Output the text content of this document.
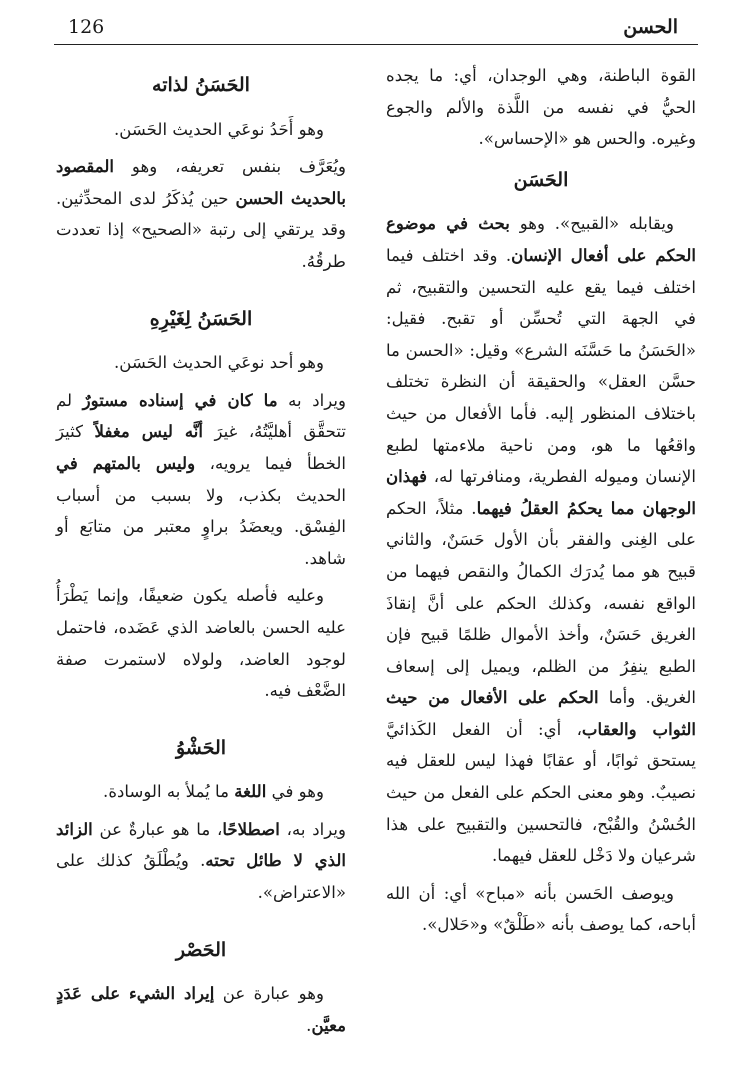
126	الحسن

القوة الباطنة، وهي الوجدان، أي: ما يجده الحيُّ في نفسه من اللَّذة والألم والجوع وغيره. والحس هو «الإحساس».

الحَسَن

ويقابله «القبيح». وهو بحث في موضوع الحكم على أفعال الإنسان. وقد اختلف فيما اختلف فيما يقع عليه التحسين والتقبيح، ثم في الجهة التي تُحسِّن أو تقبح. فقيل: «الحَسَنُ ما حَسَّنَه الشرع» وقيل: «الحسن ما حسَّن العقل» والحقيقة أن النظرة تختلف باختلاف المنظور إليه. فأما الأفعال من حيث واقعُها ما هو، ومن ناحية ملاءمتها لطبع الإنسان وميوله الفطرية، ومنافرتها له، فهذان الوجهان مما يحكمُ العقلُ فيهما. مثلاً، الحكم على الغِنى والفقر بأن الأول حَسَنٌ، والثاني قبيح هو مما يُدرَك الكمالُ والنقص فيهما من الواقع نفسه، وكذلك الحكم على أنَّ إنقاذَ الغريق حَسَنٌ، وأخذ الأموال ظلمًا قبيح فإن الطبع ينفِرُ من الظلم، ويميل إلى إسعاف الغريق. وأما الحكم على الأفعال من حيث الثواب والعقاب، أي: أن الفعل الكَذائيَّ يستحق ثوابًا، أو عقابًا فهذا ليس للعقل فيه نصيبٌ. وهو معنى الحكم على الفعل من حيث الحُسْنُ والقُبْح، فالتحسين والتقبيح على هذا شرعيان ولا دَخْل للعقل فيهما.

ويوصف الحَسن بأنه «مباح» أي: أن الله أباحه، كما يوصف بأنه «طَلْقٌ» و«حَلال».

الحَسَنُ لذاته

وهو أَحَدُ نوعَي الحديث الحَسَن.

ويُعَرَّف بنفس تعريفه، وهو المقصود بالحديث الحسن حين يُذكَرُ لدى المحدِّثين. وقد يرتقي إلى رتبة «الصحيح» إذا تعددت طرقُهُ.

الحَسَنُ لِغَيْرِهِ

وهو أحد نوعَي الحديث الحَسَن.

ويراد به ما كان في إسناده مستورٌ لم تتحقَّق أهليَّتُهُ، غيرَ أنَّه ليس مغفلاً كثيرَ الخطأ فيما يرويه، وليس بالمتهم في الحديث بكذب، ولا بسبب من أسباب الفِسْق. ويعضَدُ براوٍ معتبر من متابَع أو شاهد.

وعليه فأصله يكون ضعيفًا، وإنما يَطْرَأُ عليه الحسن بالعاضد الذي عَضَده، فاحتمل لوجود العاضد، ولولاه لاستمرت صفة الضَّعْف فيه.

الحَشْوُ

وهو في اللغة ما يُملأ به الوسادة.

ويراد به، اصطلاحًا، ما هو عبارةٌ عن الزائد الذي لا طائل تحته. ويُطْلَقُ كذلك على «الاعتراض».

الحَصْر

وهو عبارة عن إيراد الشيء على عَدَدٍ معيَّن.
